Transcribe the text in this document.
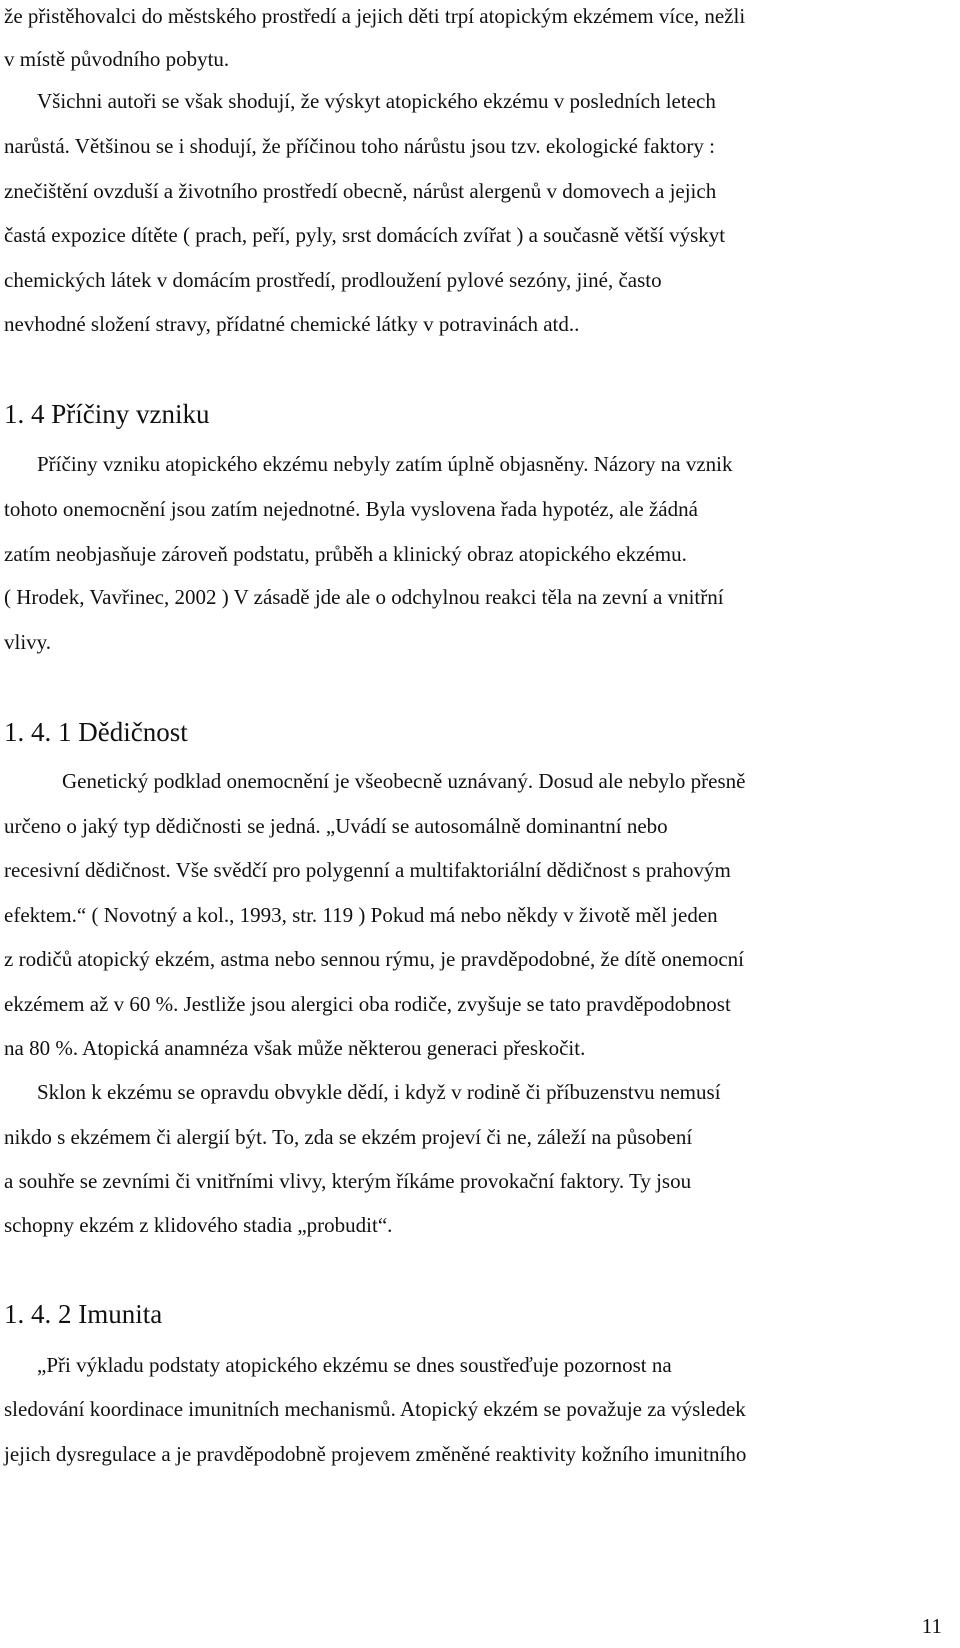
že přistěhovalci do městského prostředí a jejich děti trpí atopickým ekzémem více, nežli
v místě původního pobytu.
Všichni autoři se však shodují, že výskyt atopického ekzému v posledních letech
narůstá. Většinou se i shodují, že příčinou toho nárůstu jsou tzv. ekologické faktory :
znečištění ovzduší a životního prostředí obecně, nárůst alergenů v domovech a jejich
častá expozice dítěte ( prach, peří, pyly, srst domácích zvířat ) a současně větší výskyt
chemických látek v domácím prostředí, prodloužení pylové sezóny, jiné, často
nevhodné složení stravy, přídatné chemické látky v potravinách atd..
1. 4 Příčiny vzniku
Příčiny vzniku atopického ekzému nebyly zatím úplně objasněny. Názory na vznik
tohoto onemocnění jsou zatím nejednotné. Byla vyslovena řada hypotéz, ale žádná
zatím neobjasňuje zároveň podstatu, průběh a klinický obraz atopického ekzému.
( Hrodek, Vavřinec, 2002 ) V zásadě jde ale o odchylnou reakci těla na zevní a vnitřní
vlivy.
1. 4. 1 Dědičnost
Genetický podklad onemocnění je všeobecně uznávaný. Dosud ale nebylo přesně
určeno o jaký typ dědičnosti se jedná. „Uvádí se autosomálně dominantní nebo
recesivní dědičnost. Vše svědčí pro polygenní a multifaktoriální dědičnost s prahovým
efektem.“ ( Novotný a kol., 1993, str. 119 ) Pokud má nebo někdy v životě měl jeden
z rodičů atopický ekzém, astma nebo sennou rýmu, je pravděpodobné, že dítě onemocní
ekzémem až v 60 %. Jestliže jsou alergici oba rodiče, zvyšuje se tato pravděpodobnost
na 80 %. Atopická anamnéza však může některou generaci přeskočit.
Sklon k ekzému se opravdu obvykle dědí, i když v rodině či příbuzenstvu nemusí
nikdo s ekzémem či alergií být. To, zda se ekzém projeví či ne, záleží na působení
a souhře se zevními či vnitřními vlivy, kterým říkáme provokační faktory. Ty jsou
schopny ekzém z klidového stadia „probudit“.
1. 4. 2 Imunita
„Při výkladu podstaty atopického ekzému se dnes soustřeďuje pozornost na
sledování koordinace imunitních mechanismů. Atopický ekzém se považuje za výsledek
jejich dysregulace a je pravděpodobně projevem změněné reaktivity kožního imunitního
11
